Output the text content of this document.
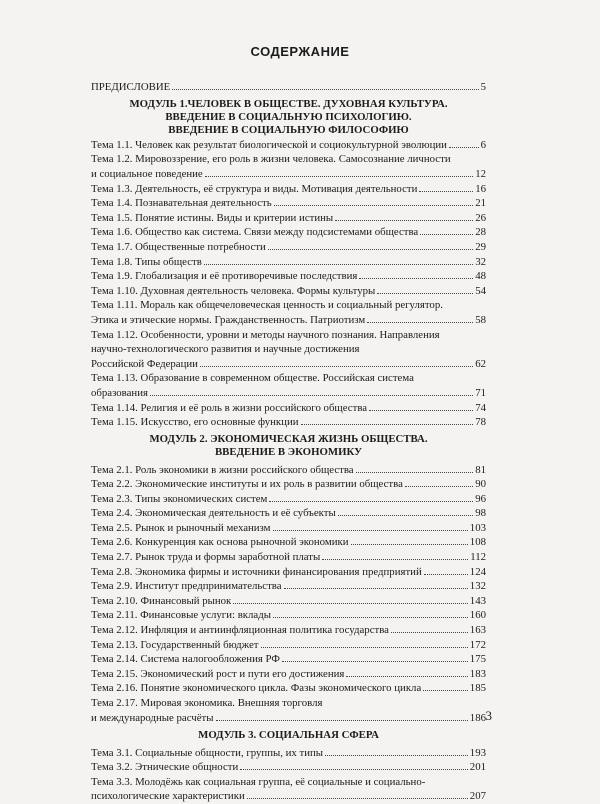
СОДЕРЖАНИЕ
ПРЕДИСЛОВИЕ	5
МОДУЛЬ 1.ЧЕЛОВЕК В ОБЩЕСТВЕ. ДУХОВНАЯ КУЛЬТУРА.
ВВЕДЕНИЕ В СОЦИАЛЬНУЮ ПСИХОЛОГИЮ.
ВВЕДЕНИЕ В СОЦИАЛЬНУЮ ФИЛОСОФИЮ
Тема 1.1. Человек как результат биологической и социокультурной эволюции	6
Тема 1.2. Мировоззрение, его роль в жизни человека. Самосознание личности
и социальное поведение	12
Тема 1.3. Деятельность, её структура и виды. Мотивация деятельности	16
Тема 1.4. Познавательная деятельность	21
Тема 1.5. Понятие истины. Виды и критерии истины	26
Тема 1.6. Общество как система. Связи между подсистемами общества	28
Тема 1.7. Общественные потребности	29
Тема 1.8. Типы обществ	32
Тема 1.9. Глобализация и её противоречивые последствия	48
Тема 1.10. Духовная деятельность человека. Формы культуры	54
Тема 1.11. Мораль как общечеловеческая ценность и социальный регулятор.
Этика и этические нормы. Гражданственность. Патриотизм	58
Тема 1.12. Особенности, уровни и методы научного познания. Направления
научно-технологического развития и научные достижения
Российской Федерации	62
Тема 1.13. Образование в современном обществе. Российская система
образования	71
Тема 1.14. Религия и её роль в жизни российского общества	74
Тема 1.15. Искусство, его основные функции	78
МОДУЛЬ 2. ЭКОНОМИЧЕСКАЯ ЖИЗНЬ ОБЩЕСТВА.
ВВЕДЕНИЕ В ЭКОНОМИКУ
Тема 2.1. Роль экономики в жизни российского общества	81
Тема 2.2. Экономические институты и их роль в развитии общества	90
Тема 2.3. Типы экономических систем	96
Тема 2.4. Экономическая деятельность и её субъекты	98
Тема 2.5. Рынок и рыночный механизм	103
Тема 2.6. Конкуренция как основа рыночной экономики	108
Тема 2.7. Рынок труда и формы заработной платы	112
Тема 2.8. Экономика фирмы и источники финансирования предприятий	124
Тема 2.9. Институт предпринимательства	132
Тема 2.10. Финансовый рынок	143
Тема 2.11. Финансовые услуги: вклады	160
Тема 2.12. Инфляция и антиинфляционная политика государства	163
Тема 2.13. Государственный бюджет	172
Тема 2.14. Система налогообложения РФ	175
Тема 2.15. Экономический рост и пути его достижения	183
Тема 2.16. Понятие экономического цикла. Фазы экономического цикла	185
Тема 2.17. Мировая экономика. Внешняя торговля
и международные расчёты	186
МОДУЛЬ 3. СОЦИАЛЬНАЯ СФЕРА
Тема 3.1. Социальные общности, группы, их типы	193
Тема 3.2. Этнические общности	201
Тема 3.3. Молодёжь как социальная группа, её социальные и социально-
психологические характеристики	207
3
